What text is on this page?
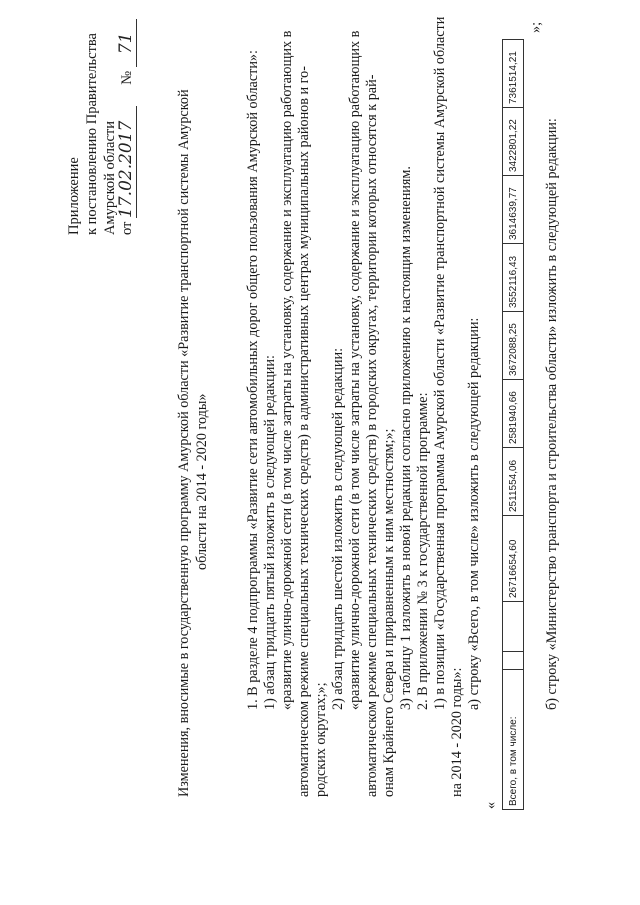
Приложение к постановлению Правительства Амурской области от 17.02.2017  № 71
Изменения, вносимые в государственную программу Амурской области «Развитие транспортной системы Амурской области на 2014 - 2020 годы» 1. В разделе 4 подпрограммы «Развитие сети автомобильных дорог общего пользования Амурской области»: 1) абзац тридцать пятый изложить в следующей редакции: «развитие улично-дорожной сети (в том числе затраты на установку, содержание и эксплуатацию работающих в автоматическом режиме специальных технических средств) в административных центрах муниципальных районов и го- родских округах;»;
2) абзац тридцать шестой изложить в следующей редакции: «развитие улично-дорожной сети (в том числе затраты на установку, содержание и эксплуатацию работающих в автоматическом режиме специальных технических средств) в городских округах, территории которых относятся к рай- онам Крайнего Севера и приравненным к ним местностям;»; 3) таблицу 1 изложить в новой редакции согласно приложению к настоящим изменениям. 2. В приложении № 3 к государственной программе: 1) в позиции «Государственная программа Амурской области «Развитие транспортной системы Амурской области
на 2014 - 2020 годы»:
а) строку «Всего, в том числе» изложить в следующей редакции:
«
»;
Всего, в том числе:			26716654,60	2511554,06	2581940,66	3672088,25	3552116,43	3614639,77	3422801,22	7361514,21
б) строку «Министерство транспорта и строительства области» изложить в следующей редакции:
